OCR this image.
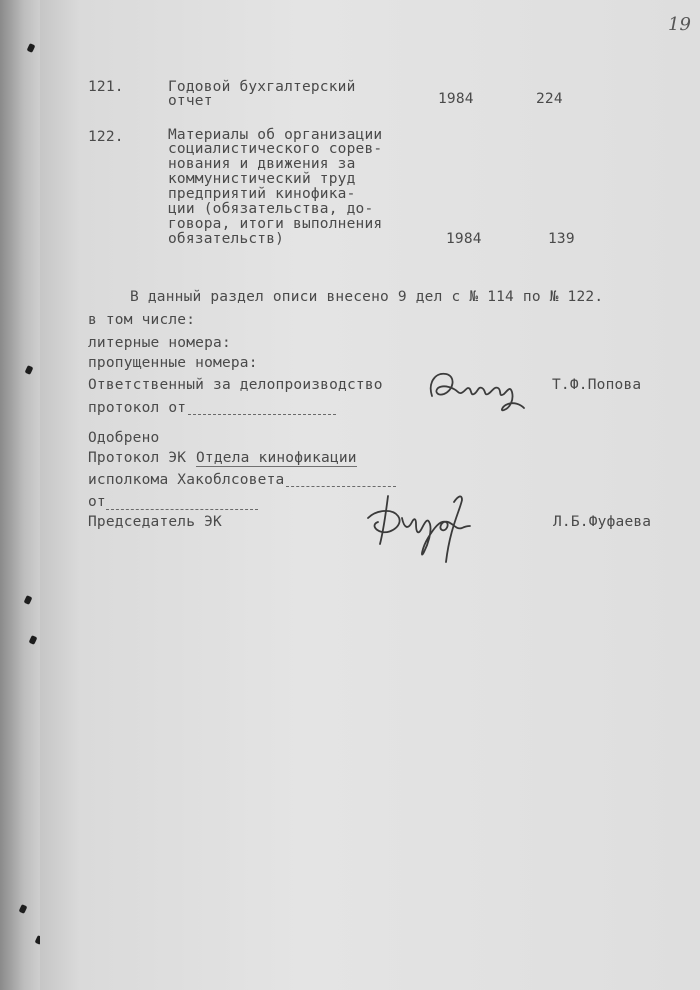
19
121.	Годовой бухгалтерский
отчет	1984	224
122.	Материалы об организации
социалистического сорев-
нования и движения за
коммунистический труд
предприятий кинофика-
ции (обязательства, до-
говора, итоги выполнения
обязательств)	1984	139
В данный раздел описи внесено 9 дел с № 114 по № 122.
в том числе:
литерные номера:
пропущенные номера:
Ответственный за делопроизводство	Т.Ф.Попова
протокол от
Одобрено
Протокол ЭК Отдела кинофикации
исполкома Хакоблсовета
от
Председатель ЭК	Л.Б.Фуфаева
